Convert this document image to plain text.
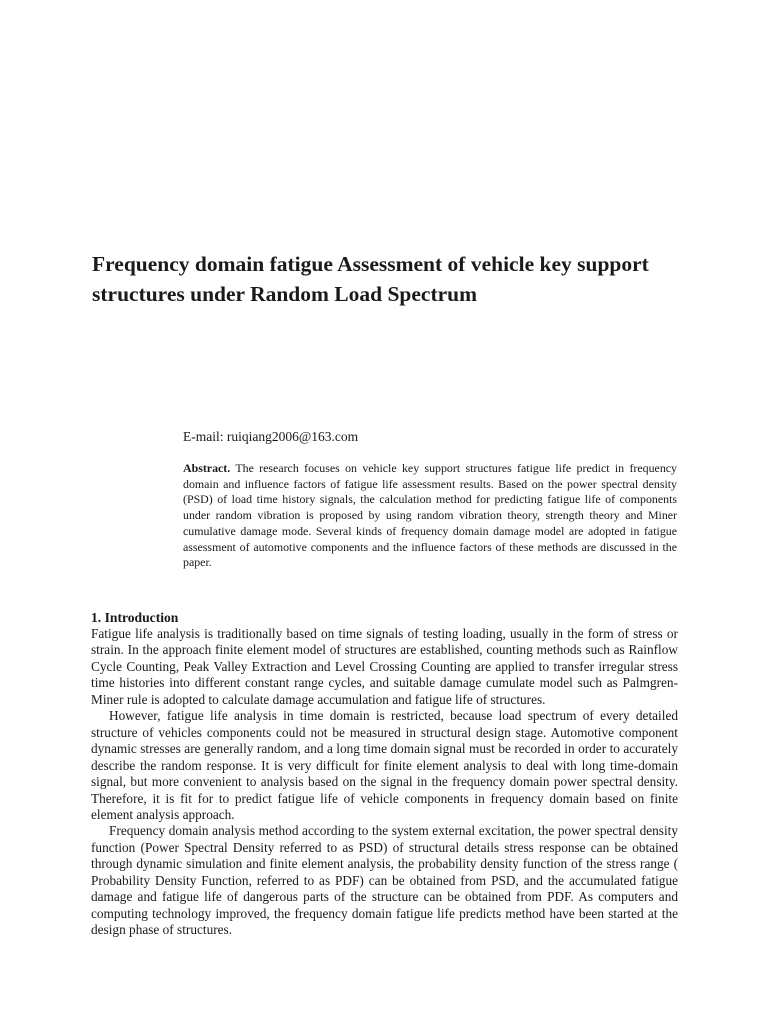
Frequency domain fatigue Assessment of vehicle key support
structures under Random Load Spectrum

E-mail: ruiqiang2006@163.com

Abstract. The research focuses on vehicle key support structures fatigue life predict in frequency domain and influence factors of fatigue life assessment results. Based on the power spectral density (PSD) of load time history signals, the calculation method for predicting fatigue life of components under random vibration is proposed by using random vibration theory, strength theory and Miner cumulative damage mode. Several kinds of frequency domain damage model are adopted in fatigue assessment of automotive components and the influence factors of these methods are discussed in the paper.

1. Introduction

Fatigue life analysis is traditionally based on time signals of testing loading, usually in the form of stress or strain. In the approach finite element model of structures are established, counting methods such as Rainflow Cycle Counting, Peak Valley Extraction and Level Crossing Counting are applied to transfer irregular stress time histories into different constant range cycles, and suitable damage cumulate model such as Palmgren-Miner rule is adopted to calculate damage accumulation and fatigue life of structures.

However, fatigue life analysis in time domain is restricted, because load spectrum of every detailed structure of vehicles components could not be measured in structural design stage. Automotive component dynamic stresses are generally random, and a long time domain signal must be recorded in order to accurately describe the random response. It is very difficult for finite element analysis to deal with long time-domain signal, but more convenient to analysis based on the signal in the frequency domain power spectral density. Therefore, it is fit for to predict fatigue life of vehicle components in frequency domain based on finite element analysis approach.

Frequency domain analysis method according to the system external excitation, the power spectral density function (Power Spectral Density referred to as PSD) of structural details stress response can be obtained through dynamic simulation and finite element analysis, the probability density function of the stress range ( Probability Density Function, referred to as PDF) can be obtained from PSD, and the accumulated fatigue damage and fatigue life of dangerous parts of the structure can be obtained from PDF. As computers and computing technology improved, the frequency domain fatigue life predicts method have been started at the design phase of structures.
